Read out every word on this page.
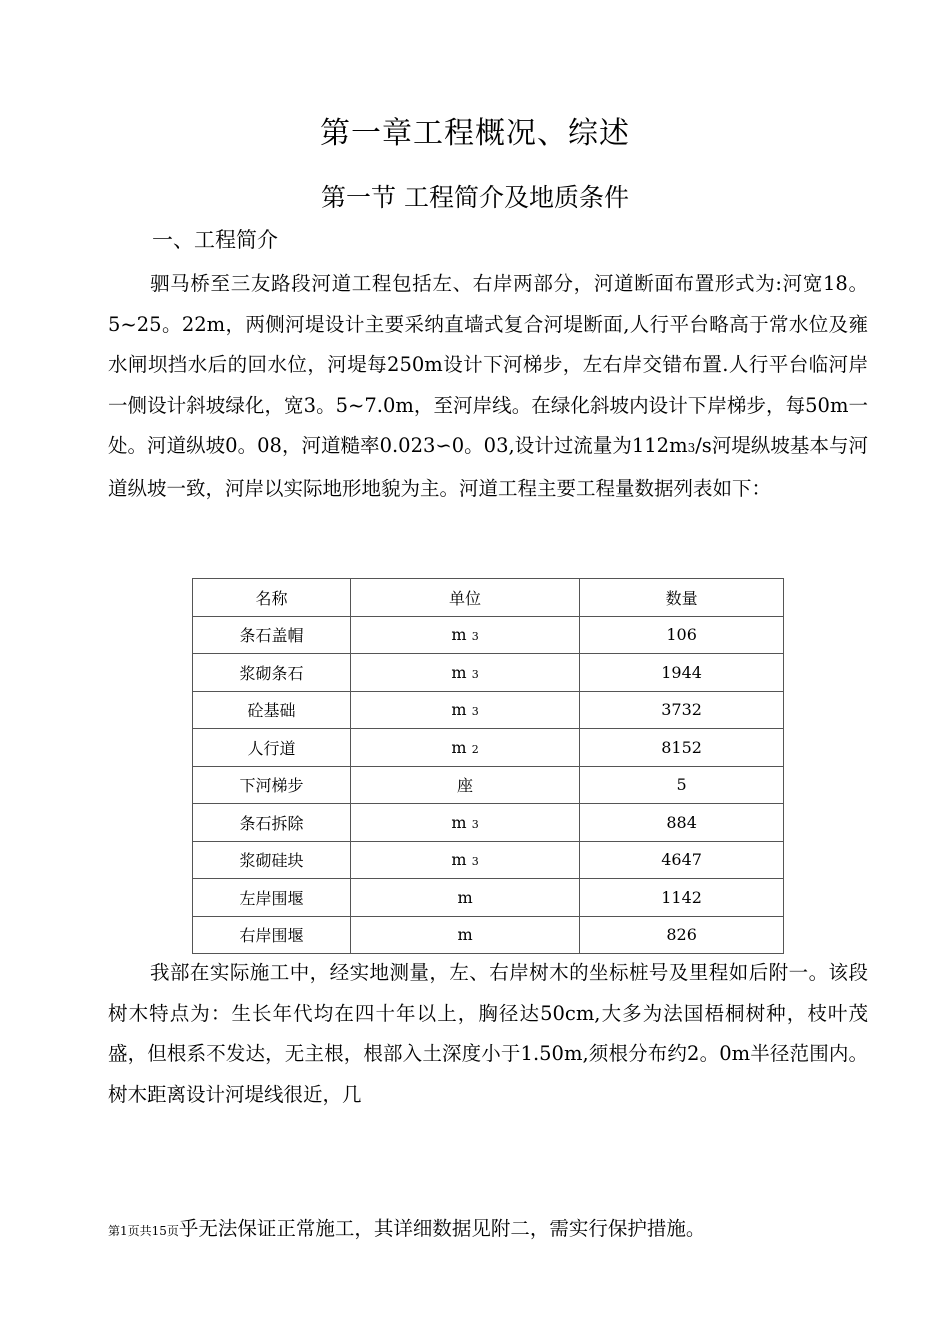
第一章工程概况、综述
第一节 工程简介及地质条件
一、工程简介
驷马桥至三友路段河道工程包括左、右岸两部分，河道断面布置形式为:河宽18。5~25。22m，两侧河堤设计主要采纳直墙式复合河堤断面,人行平台略高于常水位及雍水闸坝挡水后的回水位，河堤每250m设计下河梯步，左右岸交错布置.人行平台临河岸一侧设计斜坡绿化，宽3。5~7.0m，至河岸线。在绿化斜坡内设计下岸梯步，每50m一处。河道纵坡0。08，河道糙率0.023∽0。03,设计过流量为112m3/s河堤纵坡基本与河道纵坡一致，河岸以实际地形地貌为主。河道工程主要工程量数据列表如下：
名称	单位	数量
条石盖帽	m 3	106
浆砌条石	m 3	1944
砼基础	m 3	3732
人行道	m 2	8152
下河梯步	座	5
条石拆除	m 3	884
浆砌硅块	m 3	4647
左岸围堰	m	1142
右岸围堰	m	826
我部在实际施工中，经实地测量，左、右岸树木的坐标桩号及里程如后附一。该段树木特点为：生长年代均在四十年以上，胸径达50cm,大多为法国梧桐树种，枝叶茂盛，但根系不发达，无主根，根部入土深度小于1.50m,须根分布约2。0m半径范围内。树木距离设计河堤线很近，几
第1页共15页乎无法保证正常施工，其详细数据见附二，需实行保护措施。
